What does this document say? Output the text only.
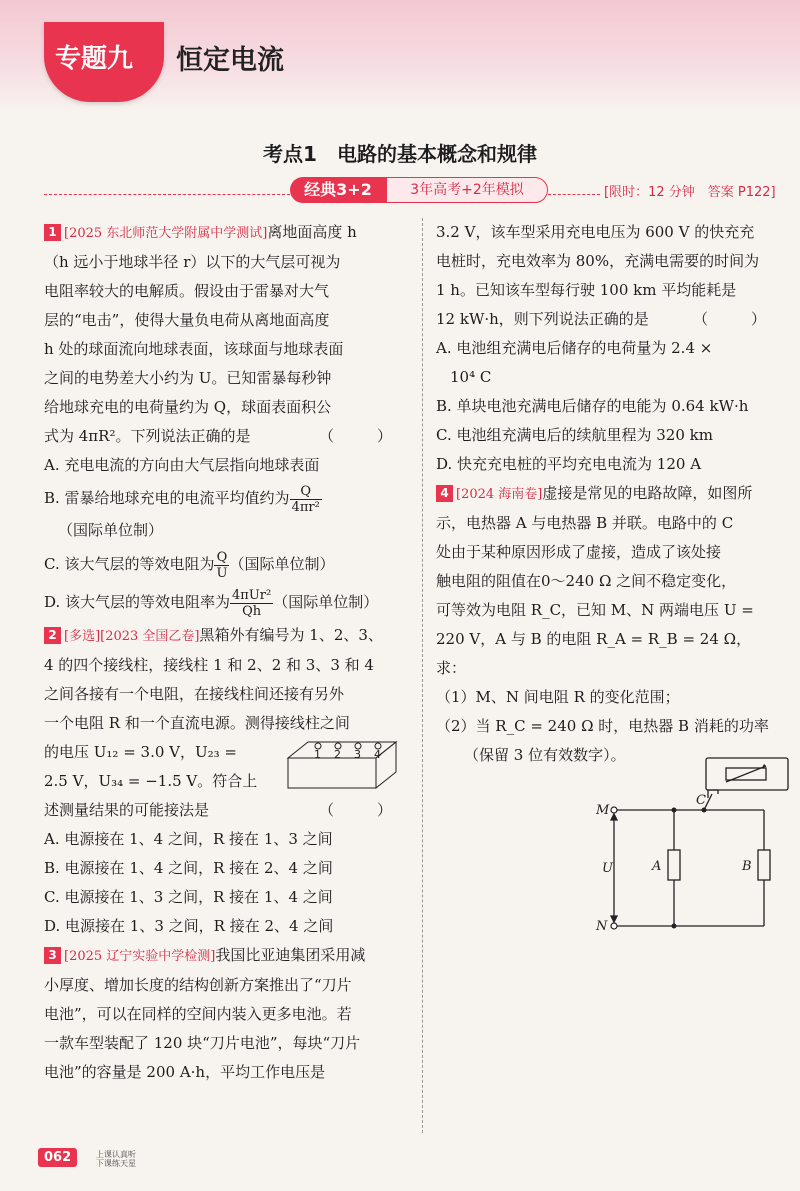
专题九 恒定电流
考点1　电路的基本概念和规律
经典3+2	3年高考+2年模拟	[限时：12 分钟　答案 P122]

1 [2025 东北师范大学附属中学测试]离地面高度 h

（h 远小于地球半径 r）以下的大气层可视为

电阻率较大的电解质。假设由于雷暴对大气

层的“电击”，使得大量负电荷从离地面高度

h 处的球面流向地球表面，该球面与地球表面

之间的电势差大小约为 U。已知雷暴每秒钟

给地球充电的电荷量约为 Q，球面表面积公

式为 4πR²。下列说法正确的是	（　）

A. 充电电流的方向由大气层指向地球表面

B. 雷暴给地球充电的电流平均值约为 $\frac{Q}{\text{4πr²}}$

（国际单位制）

C. 该大气层的等效电阻为 $\frac{Q}{U}$ （国际单位制）

D. 该大气层的等效电阻率为 $\frac{\text{4πUr²}}{Qh}$ （国际单位制）

2 [多选][2023 全国乙卷]黑箱外有编号为 1、2、3、

4 的四个接线柱，接线柱 1 和 2、2 和 3、3 和 4

之间各接有一个电阻，在接线柱间还接有另外

一个电阻 R 和一个直流电源。测得接线柱之间

的电压 U₁₂ = 3.0 V，U₂₃ =

2.5 V，U₃₄ = −1.5 V。符合上

1 2 3 4

述测量结果的可能接法是	（　）

A. 电源接在 1、4 之间，R 接在 1、3 之间

B. 电源接在 1、4 之间，R 接在 2、4 之间

C. 电源接在 1、3 之间，R 接在 1、4 之间

D. 电源接在 1、3 之间，R 接在 2、4 之间

3 [2025 辽宁实验中学检测]我国比亚迪集团采用减

小厚度、增加长度的结构创新方案推出了“刀片

电池”，可以在同样的空间内装入更多电池。若

一款车型装配了 120 块“刀片电池”，每块“刀片

电池”的容量是 200 A·h，平均工作电压是

3.2 V，该车型采用充电电压为 600 V 的快充充

电桩时，充电效率为 80%，充满电需要的时间为

1 h。已知该车型每行驶 100 km 平均能耗是

12 kW·h，则下列说法正确的是	（　）

A. 电池组充满电后储存的电荷量为 2.4 ×

10⁴ C

B. 单块电池充满电后储存的电能为 0.64 kW·h

C. 电池组充满电后的续航里程为 320 km

D. 快充充电桩的平均充电电流为 120 A

4 [2024 海南卷]虚接是常见的电路故障，如图所

示，电热器 A 与电热器 B 并联。电路中的 C

处由于某种原因形成了虚接，造成了该处接

触电阻的阻值在0～240 Ω 之间不稳定变化，

可等效为电阻 R_C，已知 M、N 两端电压 U =

220 V，A 与 B 的电阻 R_A = R_B = 24 Ω，求：

（1）M、N 间电阻 R 的变化范围；

（2）当 R_C = 240 Ω 时，电热器 B 消耗的功率

（保留 3 位有效数字）。

M
N
C
U	A	B
062	上课认真听
下课练天星
